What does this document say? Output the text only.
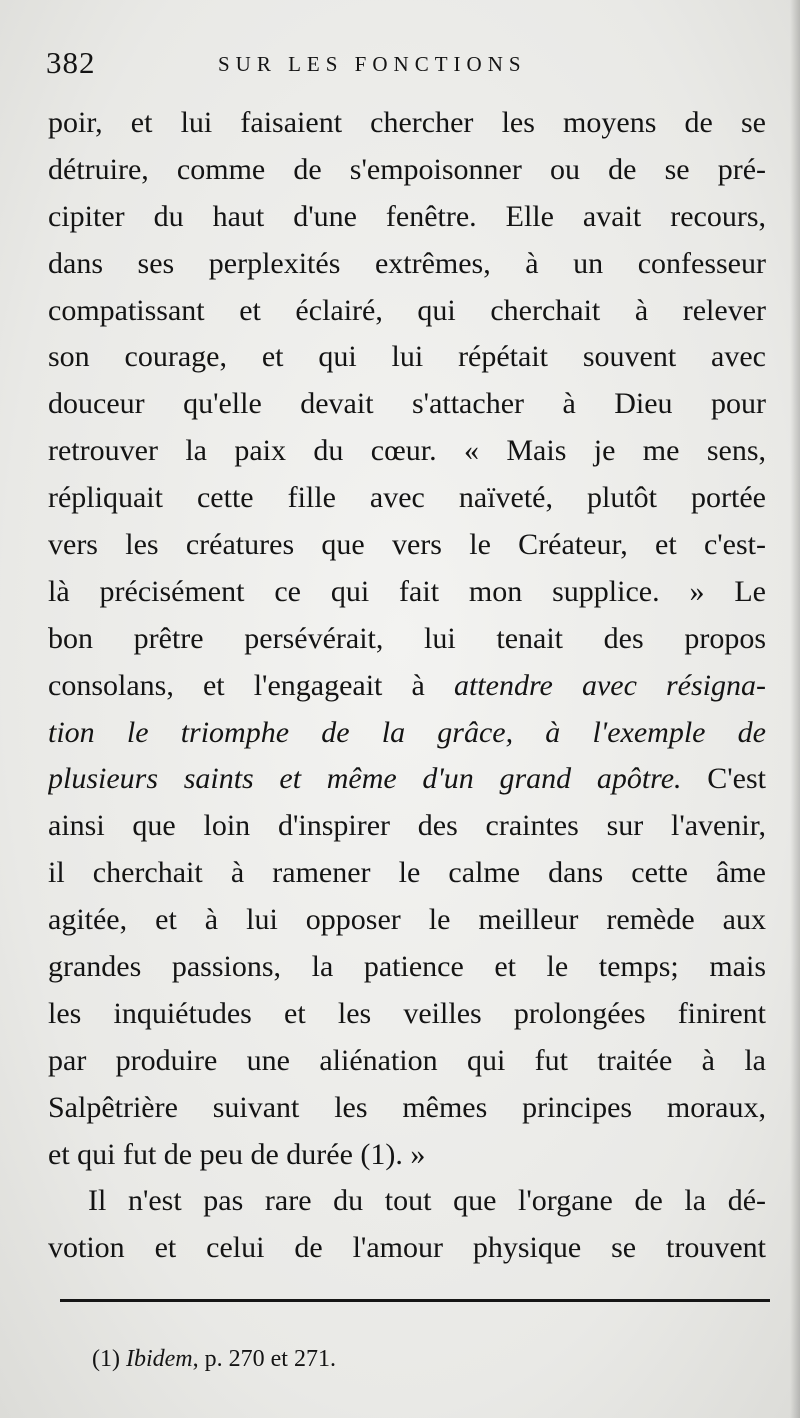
382	SUR LES FONCTIONS
poir, et lui faisaient chercher les moyens de se
détruire, comme de s'empoisonner ou de se pré-
cipiter du haut d'une fenêtre. Elle avait recours,
dans ses perplexités extrêmes, à un confesseur
compatissant et éclairé, qui cherchait à relever
son courage, et qui lui répétait souvent avec
douceur qu'elle devait s'attacher à Dieu pour
retrouver la paix du cœur. « Mais je me sens,
répliquait cette fille avec naïveté, plutôt portée
vers les créatures que vers le Créateur, et c'est-
là précisément ce qui fait mon supplice. » Le
bon prêtre persévérait, lui tenait des propos
consolans, et l'engageait à attendre avec résigna-
tion le triomphe de la grâce, à l'exemple de
plusieurs saints et même d'un grand apôtre. C'est
ainsi que loin d'inspirer des craintes sur l'avenir,
il cherchait à ramener le calme dans cette âme
agitée, et à lui opposer le meilleur remède aux
grandes passions, la patience et le temps; mais
les inquiétudes et les veilles prolongées finirent
par produire une aliénation qui fut traitée à la
Salpêtrière suivant les mêmes principes moraux,
et qui fut de peu de durée (1). »
Il n'est pas rare du tout que l'organe de la dé-
votion et celui de l'amour physique se trouvent
(1) Ibidem, p. 270 et 271.
